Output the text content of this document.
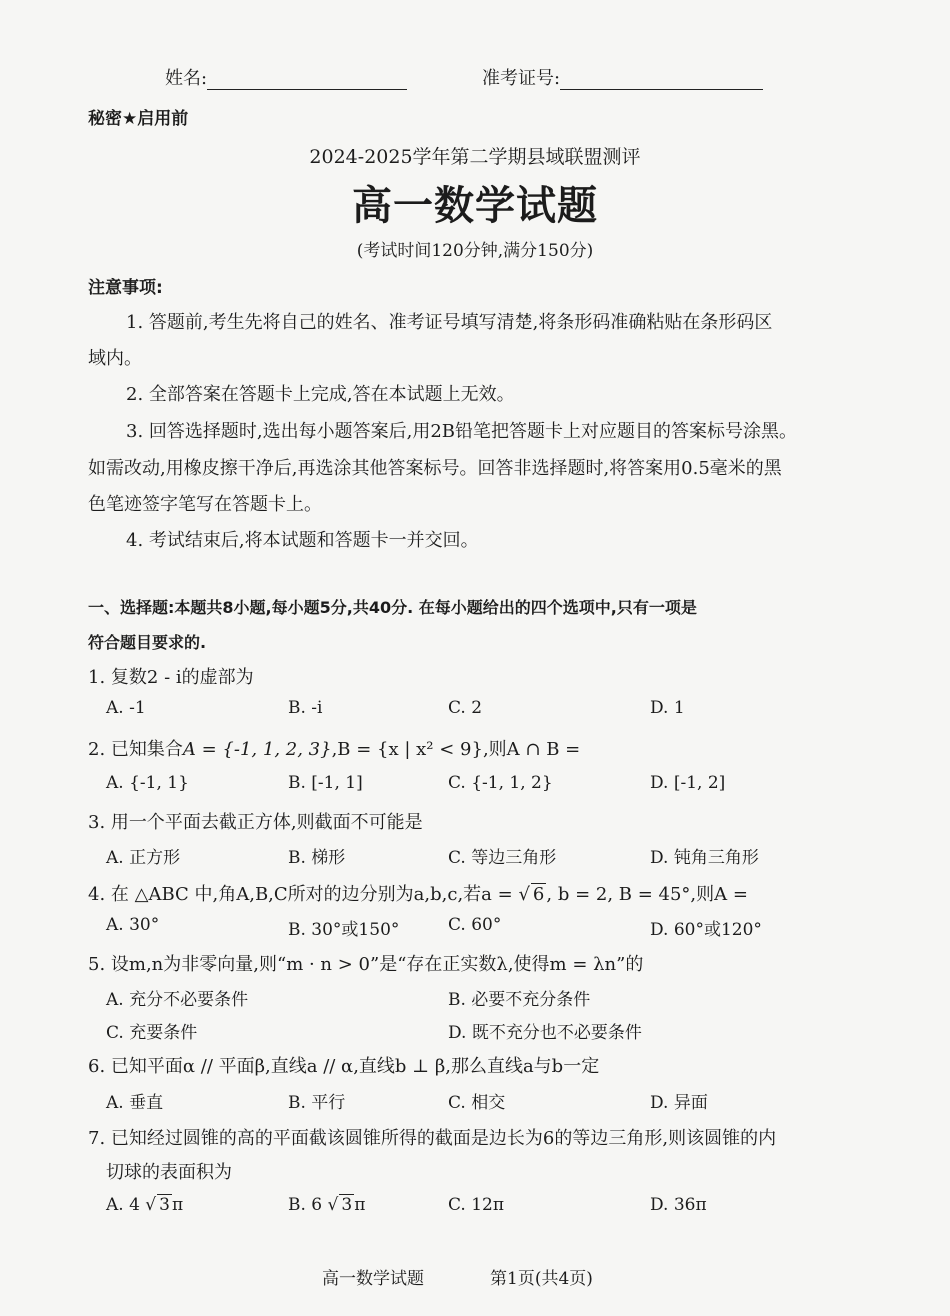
姓名:	准考证号:
秘密★启用前
2024-2025学年第二学期县域联盟测评
高一数学试题
(考试时间120分钟,满分150分)
注意事项:
1. 答题前,考生先将自己的姓名、准考证号填写清楚,将条形码准确粘贴在条形码区
域内。
2. 全部答案在答题卡上完成,答在本试题上无效。
3. 回答选择题时,选出每小题答案后,用2B铅笔把答题卡上对应题目的答案标号涂黑。
如需改动,用橡皮擦干净后,再选涂其他答案标号。回答非选择题时,将答案用0.5毫米的黑
色笔迹签字笔写在答题卡上。
4. 考试结束后,将本试题和答题卡一并交回。
一、选择题:本题共8小题,每小题5分,共40分. 在每小题给出的四个选项中,只有一项是
符合题目要求的.
1. 复数2 - i的虚部为
A. -1	B. -i	C. 2	D. 1
2. 已知集合A = {-1, 1, 2, 3},B = {x | x² < 9},则A ∩ B =
A. {-1, 1}	B. [-1, 1]	C. {-1, 1, 2}	D. [-1, 2]
3. 用一个平面去截正方体,则截面不可能是
A. 正方形	B. 梯形	C. 等边三角形	D. 钝角三角形
4. 在 △ABC 中,角A,B,C所对的边分别为a,b,c,若a = √ 6 , b = 2, B = 45°,则A =
A. 30°	B. 30°或150°	C. 60°	D. 60°或120°
5. 设m,n为非零向量,则“m · n > 0”是“存在正实数λ,使得m = λn”的
A. 充分不必要条件	B. 必要不充分条件
C. 充要条件	D. 既不充分也不必要条件
6. 已知平面α // 平面β,直线a // α,直线b ⊥ β,那么直线a与b一定
A. 垂直	B. 平行	C. 相交	D. 异面
7. 已知经过圆锥的高的平面截该圆锥所得的截面是边长为6的等边三角形,则该圆锥的内
切球的表面积为
A. 4 √ 3 π	B. 6 √ 3 π	C. 12π	D. 36π
高一数学试题	第1页(共4页)
